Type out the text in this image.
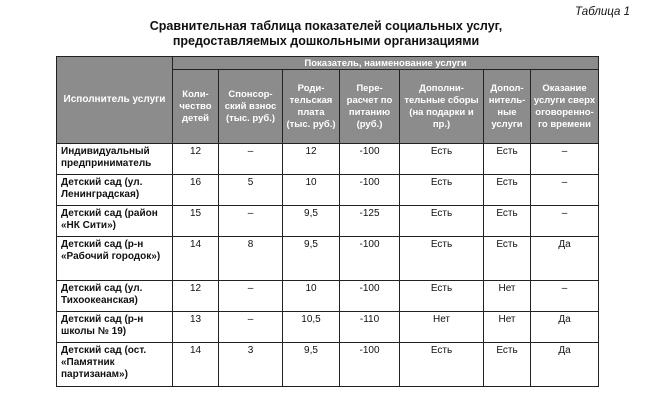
Таблица 1
Сравнительная таблица показателей социальных услуг,
предоставляемых дошкольными организациями
Исполнитель услуги	Показатель, наименование услуги						
	Коли-чество детей	Спонсор-ский взнос (тыс. руб.)	Роди-тельская плата (тыс. руб.)	Пере-расчет по питанию (руб.)	Дополни-тельные сборы (на подарки и пр.)	Допол-нитель-ные услуги	Оказание услуги сверх оговоренно-го времени
Индивидуальный предприниматель	12	–	12	-100	Есть	Есть	–
Детский сад (ул. Ленинградская)	16	5	10	-100	Есть	Есть	–
Детский сад (район «НК Сити»)	15	–	9,5	-125	Есть	Есть	–
Детский сад (р-н «Рабочий городок»)	14	8	9,5	-100	Есть	Есть	Да
Детский сад (ул. Тихоокеанская)	12	–	10	-100	Есть	Нет	–
Детский сад (р-н школы № 19)	13	–	10,5	-110	Нет	Нет	Да
Детский сад (ост. «Памятник партизанам»)	14	3	9,5	-100	Есть	Есть	Да
